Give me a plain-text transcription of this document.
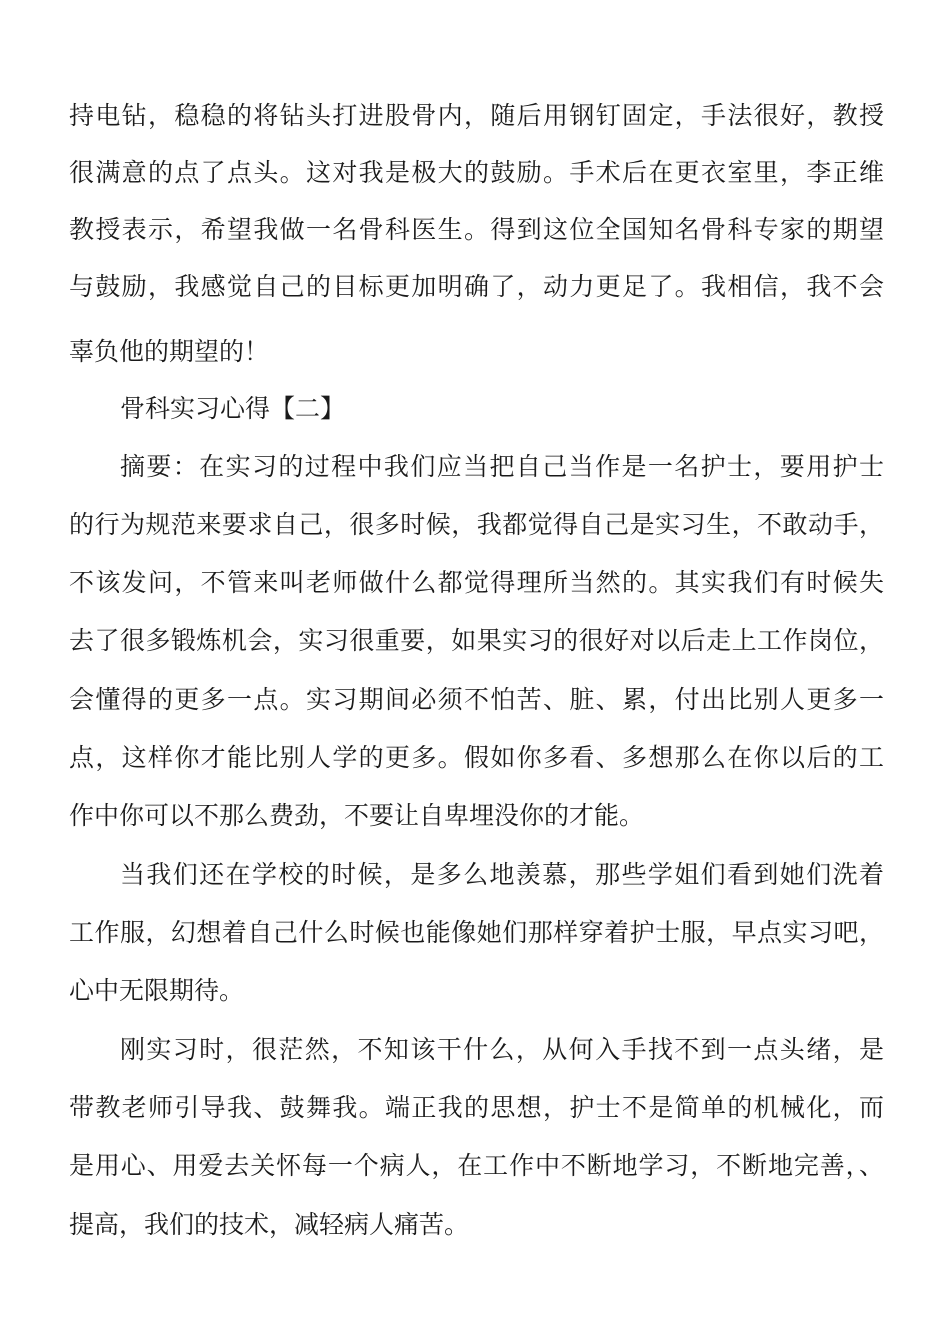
持电钻，稳稳的将钻头打进股骨内，随后用钢钉固定，手法很好，教授
很满意的点了点头。这对我是极大的鼓励。手术后在更衣室里，李正维
教授表示，希望我做一名骨科医生。得到这位全国知名骨科专家的期望
与鼓励，我感觉自己的目标更加明确了，动力更足了。我相信，我不会
辜负他的期望的！
骨科实习心得【二】
摘要：在实习的过程中我们应当把自己当作是一名护士，要用护士
的行为规范来要求自己，很多时候，我都觉得自己是实习生，不敢动手，
不该发问，不管来叫老师做什么都觉得理所当然的。其实我们有时候失
去了很多锻炼机会，实习很重要，如果实习的很好对以后走上工作岗位，
会懂得的更多一点。实习期间必须不怕苦、脏、累，付出比别人更多一
点，这样你才能比别人学的更多。假如你多看、多想那么在你以后的工
作中你可以不那么费劲，不要让自卑埋没你的才能。
当我们还在学校的时候，是多么地羡慕，那些学姐们看到她们洗着
工作服，幻想着自己什么时候也能像她们那样穿着护士服，早点实习吧，
心中无限期待。
刚实习时，很茫然，不知该干什么，从何入手找不到一点头绪，是
带教老师引导我、鼓舞我。端正我的思想，护士不是简单的机械化，而
是用心、用爱去关怀每一个病人，在工作中不断地学习，不断地完善，、
提高，我们的技术，减轻病人痛苦。
